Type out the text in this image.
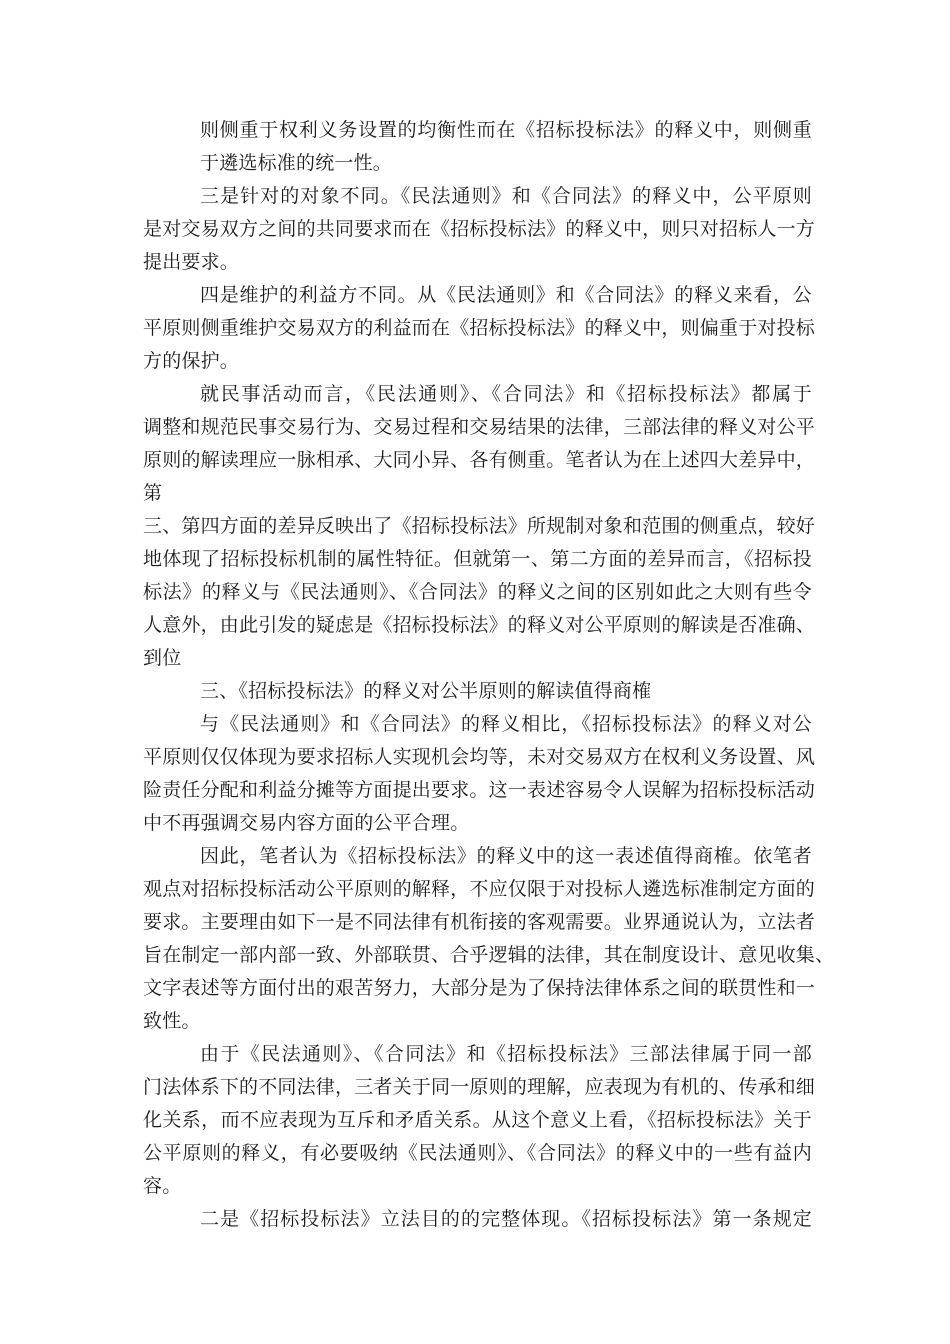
则侧重于权利义务设置的均衡性而在《招标投标法》的释义中，则侧重
于遴选标准的统一性。
三是针对的对象不同。《民法通则》和《合同法》的释义中，公平原则
是对交易双方之间的共同要求而在《招标投标法》的释义中，则只对招标人一方
提出要求。
四是维护的利益方不同。从《民法通则》和《合同法》的释义来看，公
平原则侧重维护交易双方的利益而在《招标投标法》的释义中，则偏重于对投标
方的保护。
就民事活动而言，《民法通则》、《合同法》和《招标投标法》都属于
调整和规范民事交易行为、交易过程和交易结果的法律，三部法律的释义对公平
原则的解读理应一脉相承、大同小异、各有侧重。笔者认为在上述四大差异中，
第
三、第四方面的差异反映出了《招标投标法》所规制对象和范围的侧重点，较好
地体现了招标投标机制的属性特征。但就第一、第二方面的差异而言，《招标投
标法》的释义与《民法通则》、《合同法》的释义之间的区别如此之大则有些令
人意外，由此引发的疑虑是《招标投标法》的释义对公平原则的解读是否准确、
到位
三、《招标投标法》的释义对公半原则的解读值得商榷
与《民法通则》和《合同法》的释义相比，《招标投标法》的释义对公
平原则仅仅体现为要求招标人实现机会均等，未对交易双方在权利义务设置、风
险责任分配和利益分摊等方面提出要求。这一表述容易令人误解为招标投标活动
中不再强调交易内容方面的公平合理。
因此，笔者认为《招标投标法》的释义中的这一表述值得商榷。依笔者
观点对招标投标活动公平原则的解释，不应仅限于对投标人遴选标准制定方面的
要求。主要理由如下一是不同法律有机衔接的客观需要。业界通说认为，立法者
旨在制定一部内部一致、外部联贯、合乎逻辑的法律，其在制度设计、意见收集、
文字表述等方面付出的艰苦努力，大部分是为了保持法律体系之间的联贯性和一
致性。
由于《民法通则》、《合同法》和《招标投标法》三部法律属于同一部
门法体系下的不同法律，三者关于同一原则的理解，应表现为有机的、传承和细
化关系，而不应表现为互斥和矛盾关系。从这个意义上看，《招标投标法》关于
公平原则的释义，有必要吸纳《民法通则》、《合同法》的释义中的一些有益内
容。
二是《招标投标法》立法目的的完整体现。《招标投标法》第一条规定
